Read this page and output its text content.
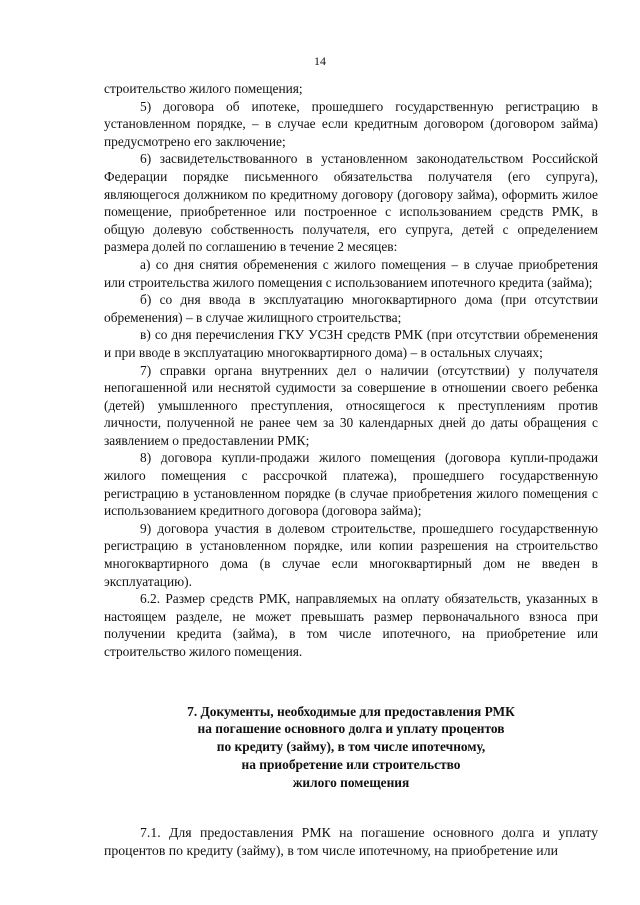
14

строительство жилого помещения;

5) договора об ипотеке, прошедшего государственную регистрацию в установленном порядке, – в случае если кредитным договором (договором займа) предусмотрено его заключение;

6) засвидетельствованного в установленном законодательством Российской Федерации порядке письменного обязательства получателя (его супруга), являющегося должником по кредитному договору (договору займа), оформить жилое помещение, приобретенное или построенное с использованием средств РМК, в общую долевую собственность получателя, его супруга, детей с определением размера долей по соглашению в течение 2 месяцев:

а) со дня снятия обременения с жилого помещения – в случае приобретения или строительства жилого помещения с использованием ипотечного кредита (займа);

б) со дня ввода в эксплуатацию многоквартирного дома (при отсутствии обременения) – в случае жилищного строительства;

в) со дня перечисления ГКУ УСЗН средств РМК (при отсутствии обременения и при вводе в эксплуатацию многоквартирного дома) – в остальных случаях;

7) справки органа внутренних дел о наличии (отсутствии) у получателя непогашенной или неснятой судимости за совершение в отношении своего ребенка (детей) умышленного преступления, относящегося к преступлениям против личности, полученной не ранее чем за 30 календарных дней до даты обращения с заявлением о предоставлении РМК;

8) договора купли-продажи жилого помещения (договора купли-продажи жилого помещения с рассрочкой платежа), прошедшего государственную регистрацию в установленном порядке (в случае приобретения жилого помещения с использованием кредитного договора (договора займа);

9) договора участия в долевом строительстве, прошедшего государственную регистрацию в установленном порядке, или копии разрешения на строительство многоквартирного дома (в случае если многоквартирный дом не введен в эксплуатацию).

6.2. Размер средств РМК, направляемых на оплату обязательств, указанных в настоящем разделе, не может превышать размер первоначального взноса при получении кредита (займа), в том числе ипотечного, на приобретение или строительство жилого помещения.

7. Документы, необходимые для предоставления РМК
на погашение основного долга и уплату процентов
по кредиту (займу), в том числе ипотечному,
на приобретение или строительство
жилого помещения

7.1. Для предоставления РМК на погашение основного долга и уплату процентов по кредиту (займу), в том числе ипотечному, на приобретение или
